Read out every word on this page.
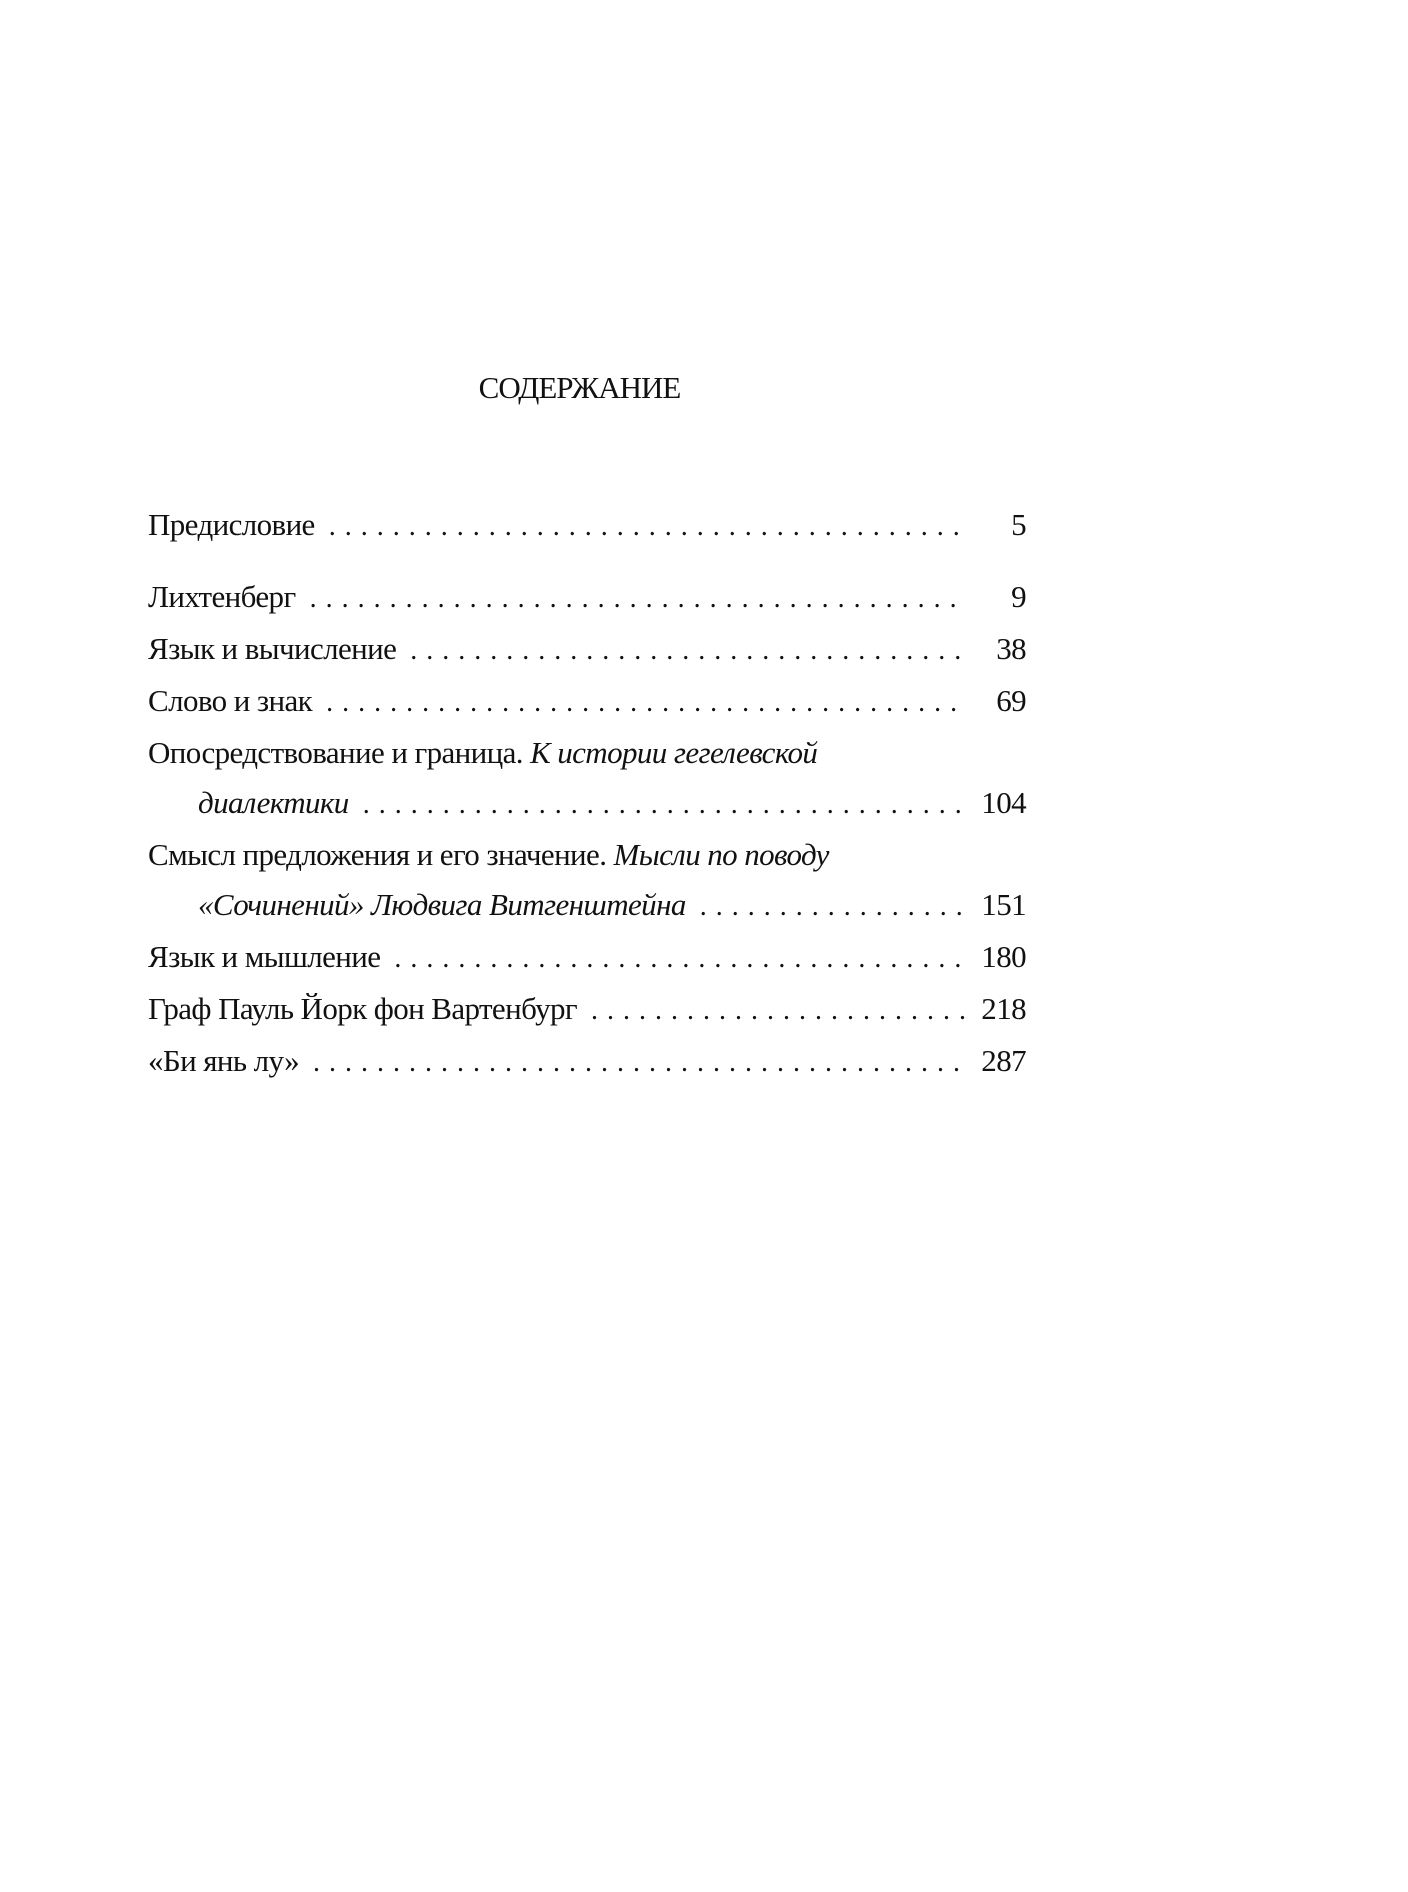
СОДЕРЖАНИЕ
Предисловие . . .	5
Лихтенберг . . .	9
Язык и вычисление . . .	38
Слово и знак . . .	69
Опосредствование и граница. К истории гегелевской
диалектики . . .	104
Смысл предложения и его значение. Мысли по поводу
«Сочинений» Людвига Витгенштейна . . .	151
Язык и мышление . . .	180
Граф Пауль Йорк фон Вартенбург . . .	218
«Би янь лу» . . .	287
